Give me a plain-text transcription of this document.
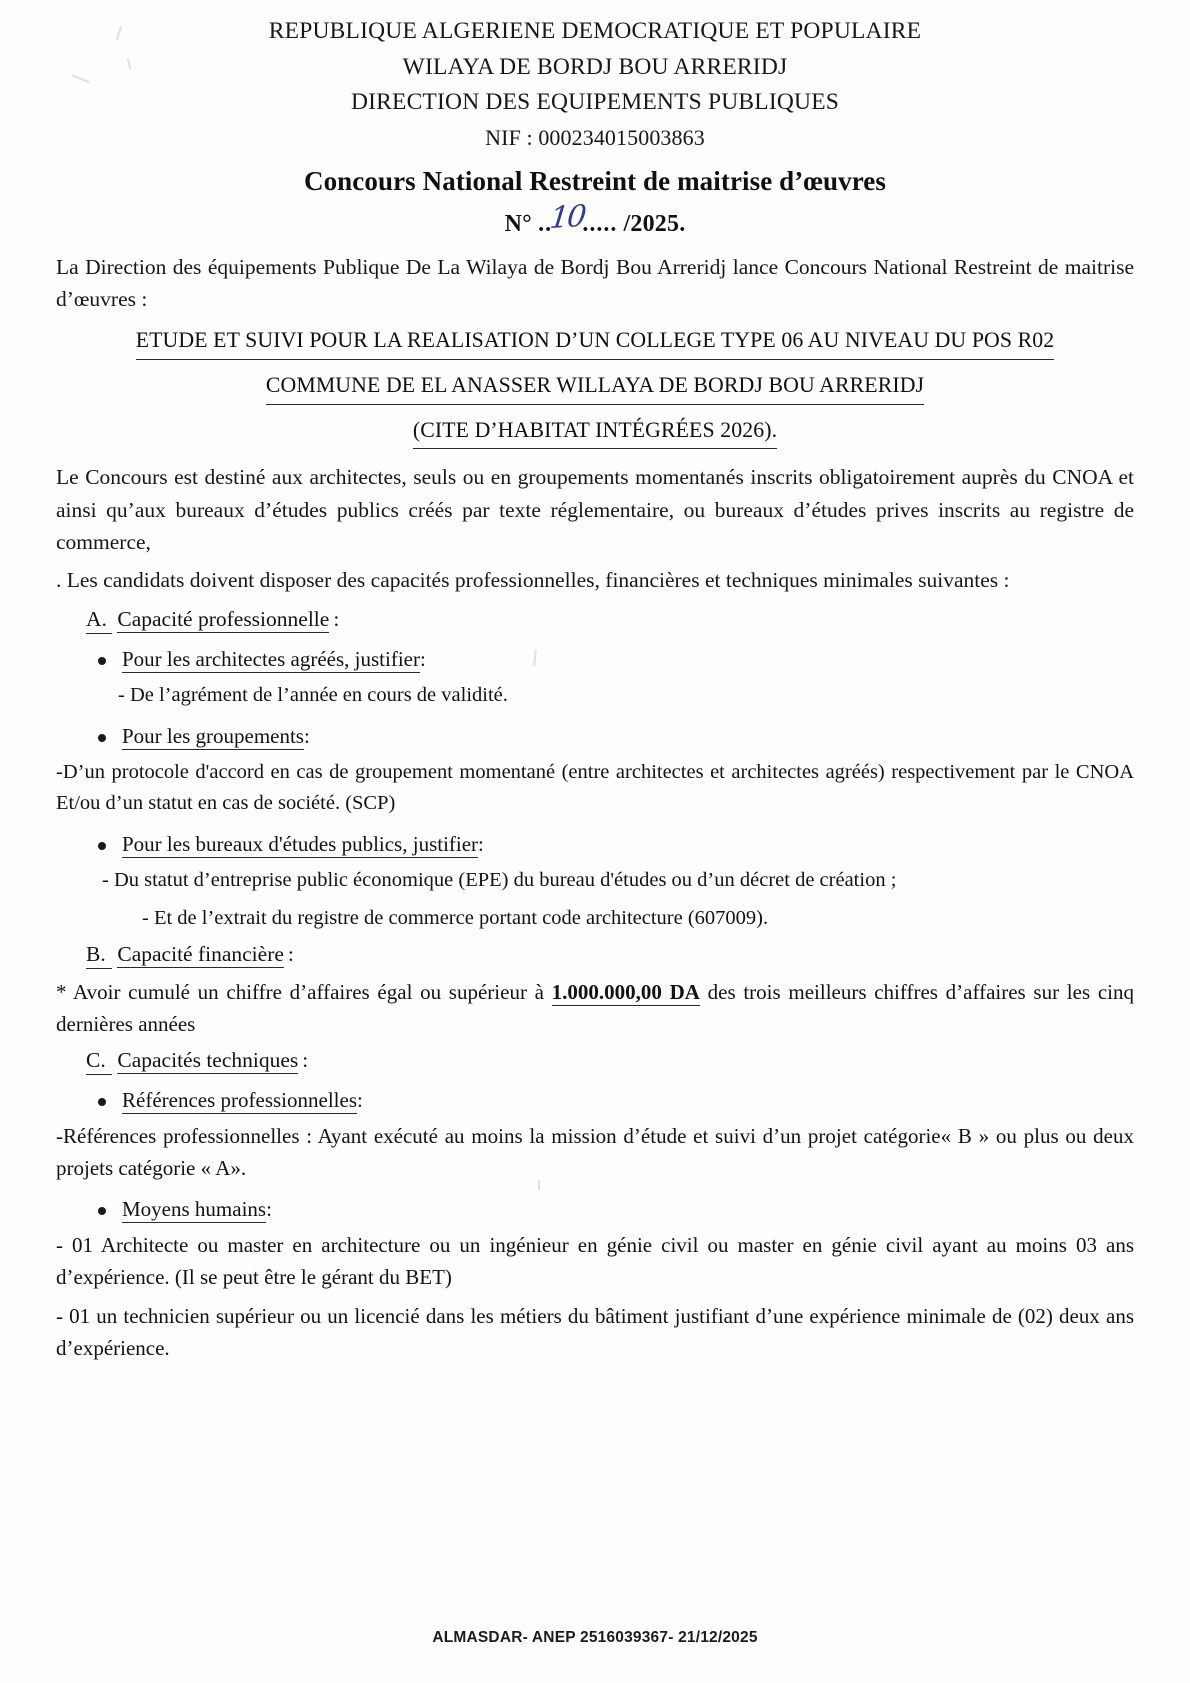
REPUBLIQUE ALGERIENE DEMOCRATIQUE ET POPULAIRE
WILAYA DE BORDJ BOU ARRERIDJ
DIRECTION DES EQUIPEMENTS PUBLIQUES
NIF : 000234015003863
Concours National Restreint de maitrise d’œuvres
N° ..10..... /2025.

La Direction des équipements Publique De La Wilaya de Bordj Bou Arreridj lance Concours National Restreint de maitrise d’œuvres :

ETUDE ET SUIVI POUR LA REALISATION D’UN COLLEGE TYPE 06 AU NIVEAU DU POS R02
COMMUNE DE EL ANASSER WILLAYA DE BORDJ BOU ARRERIDJ
(CITE D’HABITAT INTÉGRÉES 2026).

Le Concours est destiné aux architectes, seuls ou en groupements momentanés inscrits obligatoirement auprès du CNOA et ainsi qu’aux bureaux d’études publics créés par texte réglementaire, ou bureaux d’études prives inscrits au registre de commerce,

. Les candidats doivent disposer des capacités professionnelles, financières et techniques minimales suivantes :

A. Capacité professionnelle :
Pour les architectes agréés, justifier:
- De l’agrément de l’année en cours de validité.
Pour les groupements:

-D’un protocole d'accord en cas de groupement momentané (entre architectes et architectes agréés) respectivement par le CNOA Et/ou d’un statut en cas de société. (SCP)

Pour les bureaux d'études publics, justifier:
- Du statut d’entreprise public économique (EPE) du bureau d'études ou d’un décret de création ;
- Et de l’extrait du registre de commerce portant code architecture (607009).
B. Capacité financière :

* Avoir cumulé un chiffre d’affaires égal ou supérieur à 1.000.000,00 DA des trois meilleurs chiffres d’affaires sur les cinq dernières années

C. Capacités techniques :
Références professionnelles:

-Références professionnelles : Ayant exécuté au moins la mission d’étude et suivi d’un projet catégorie« B » ou plus ou deux projets catégorie « A».

Moyens humains:

- 01 Architecte ou master en architecture ou un ingénieur en génie civil ou master en génie civil ayant au moins 03 ans d’expérience. (Il se peut être le gérant du BET)

- 01 un technicien supérieur ou un licencié dans les métiers du bâtiment justifiant d’une expérience minimale de (02) deux ans d’expérience.

ALMASDAR- ANEP 2516039367- 21/12/2025
